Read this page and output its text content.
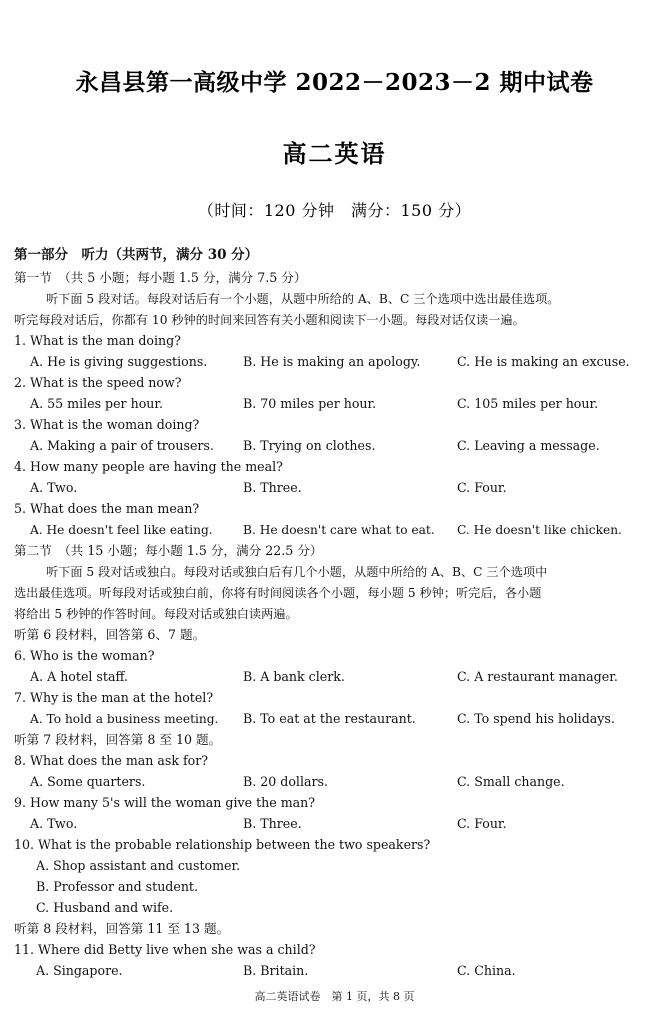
永昌县第一高级中学 2022－2023－2 期中试卷
高二英语
（时间：120 分钟　满分：150 分）
第一部分　听力（共两节，满分 30 分）
第一节　（共 5 小题；每小题 1.5 分，满分 7.5 分）
听下面 5 段对话。每段对话后有一个小题，从题中所给的 A、B、C 三个选项中选出最佳选项。
听完每段对话后，你都有 10 秒钟的时间来回答有关小题和阅读下一小题。每段对话仅读一遍。
1. What is the man doing?
A. He is giving suggestions.	B. He is making an apology.	C. He is making an excuse.
2. What is the speed now?
A. 55 miles per hour.	B. 70 miles per hour.	C. 105 miles per hour.
3. What is the woman doing?
A. Making a pair of trousers. B. Trying on clothes.	C. Leaving a message.
4. How many people are having the meal?
A. Two.	B. Three.	C. Four.
5. What does the man mean?
A. He doesn't feel like eating. B. He doesn't care what to eat. C. He doesn't like chicken.
第二节　（共 15 小题；每小题 1.5 分，满分 22.5 分）
听下面 5 段对话或独白。每段对话或独白后有几个小题，从题中所给的 A、B、C 三个选项中
选出最佳选项。听每段对话或独白前，你将有时间阅读各个小题，每小题 5 秒钟；听完后，各小题
将给出 5 秒钟的作答时间。每段对话或独白读两遍。
听第 6 段材料，回答第 6、7 题。
6. Who is the woman?
A. A hotel staff.	B. A bank clerk.	C. A restaurant manager.
7. Why is the man at the hotel?
A. To hold a business meeting. B. To eat at the restaurant.	C. To spend his holidays.
听第 7 段材料，回答第 8 至 10 题。
8. What does the man ask for?
A. Some quarters.	B. 20 dollars.	C. Small change.
9. How many 5's will the woman give the man?
A. Two.	B. Three.	C. Four.
10. What is the probable relationship between the two speakers?
A. Shop assistant and customer.
B. Professor and student.
C. Husband and wife.
听第 8 段材料，回答第 11 至 13 题。
11. Where did Betty live when she was a child?
A. Singapore.	B. Britain.	C. China.
高二英语试卷　第 1 页，共 8 页
